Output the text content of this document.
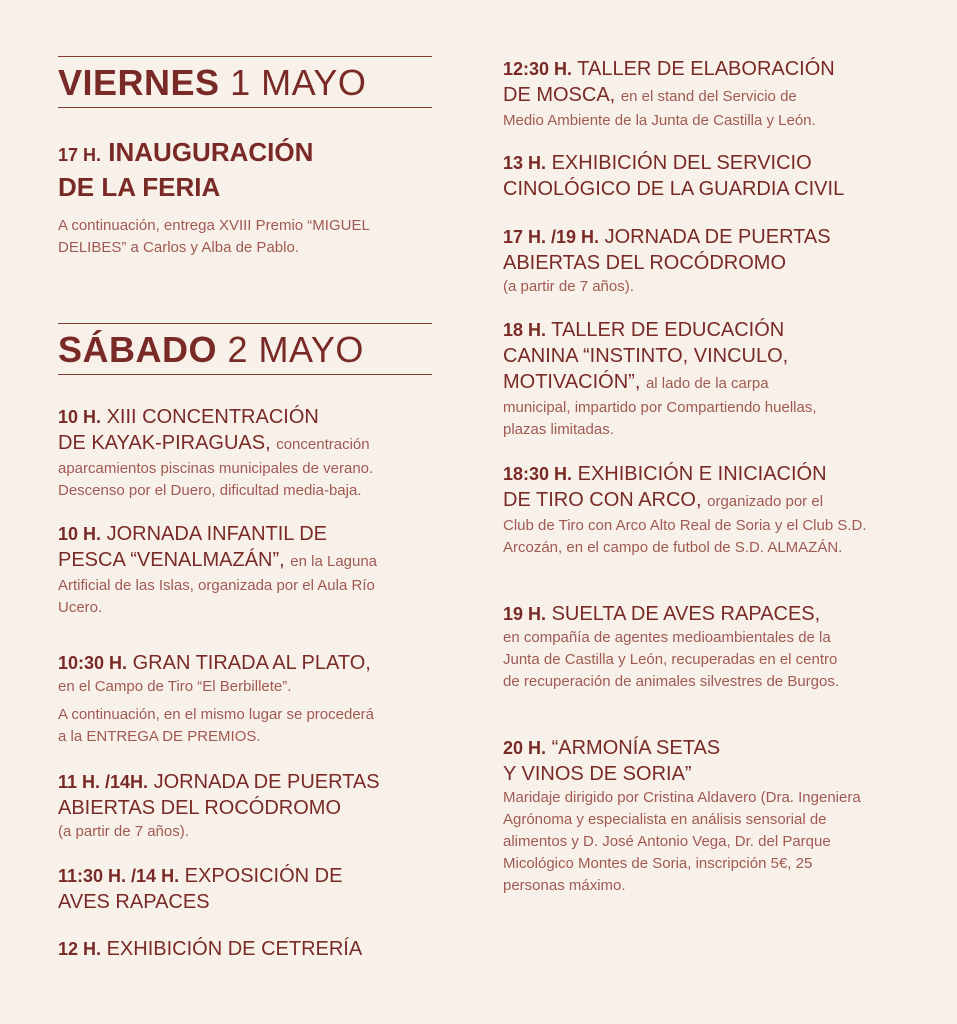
VIERNES 1 MAYO
17 H. INAUGURACIÓN
DE LA FERIA

A continuación, entrega XVIII Premio “MIGUEL DELIBES” a Carlos y Alba de Pablo.

SÁBADO 2 MAYO
10 H. XIII CONCENTRACIÓN
DE KAYAK-PIRAGUAS, concentración

aparcamientos piscinas municipales de verano. Descenso por el Duero, dificultad media-baja.

10 H. JORNADA INFANTIL DE
PESCA “VENALMAZÁN”, en la Laguna

Artificial de las Islas, organizada por el Aula Río Ucero.

10:30 H. GRAN TIRADA AL PLATO,

en el Campo de Tiro “El Berbillete”.

A continuación, en el mismo lugar se procederá a la ENTREGA DE PREMIOS.

11 H. /14H. JORNADA DE PUERTAS
ABIERTAS DEL ROCÓDROMO

(a partir de 7 años).

11:30 H. /14 H. EXPOSICIÓN DE
AVES RAPACES
12 H. EXHIBICIÓN DE CETRERÍA
12:30 H. TALLER DE ELABORACIÓN
DE MOSCA, en el stand del Servicio de

Medio Ambiente de la Junta de Castilla y León.

13 H. EXHIBICIÓN DEL SERVICIO
CINOLÓGICO DE LA GUARDIA CIVIL
17 H. /19 H. JORNADA DE PUERTAS
ABIERTAS DEL ROCÓDROMO

(a partir de 7 años).

18 H. TALLER DE EDUCACIÓN
CANINA “INSTINTO, VINCULO,
MOTIVACIÓN”, al lado de la carpa

municipal, impartido por Compartiendo huellas, plazas limitadas.

18:30 H. EXHIBICIÓN E INICIACIÓN
DE TIRO CON ARCO, organizado por el

Club de Tiro con Arco Alto Real de Soria y el Club S.D. Arcozán, en el campo de futbol de S.D. ALMAZÁN.

19 H. SUELTA DE AVES RAPACES,

en compañía de agentes medioambientales de la Junta de Castilla y León, recuperadas en el centro de recuperación de animales silvestres de Burgos.

20 H. “ARMONÍA SETAS
Y VINOS DE SORIA”

Maridaje dirigido por Cristina Aldavero (Dra. Ingeniera Agrónoma y especialista en análisis sensorial de alimentos y D. José Antonio Vega, Dr. del Parque Micológico Montes de Soria, inscripción 5€, 25 personas máximo.
